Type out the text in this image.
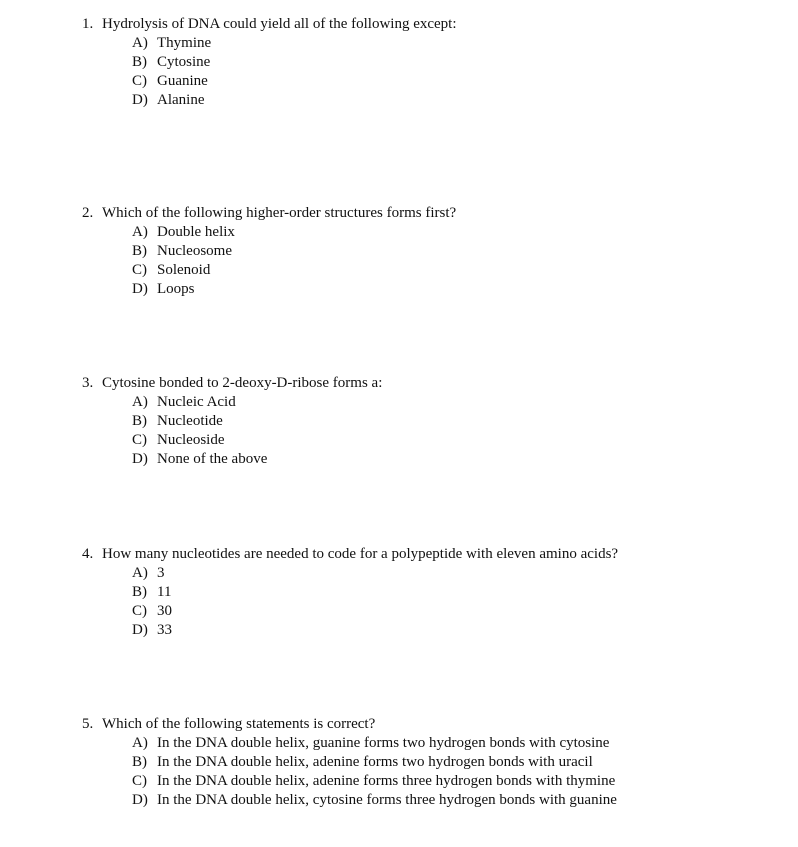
1. Hydrolysis of DNA could yield all of the following except:
A) Thymine
B) Cytosine
C) Guanine
D) Alanine
2. Which of the following higher-order structures forms first?
A) Double helix
B) Nucleosome
C) Solenoid
D) Loops
3. Cytosine bonded to 2-deoxy-D-ribose forms a:
A) Nucleic Acid
B) Nucleotide
C) Nucleoside
D) None of the above
4. How many nucleotides are needed to code for a polypeptide with eleven amino acids?
A) 3
B) 11
C) 30
D) 33
5. Which of the following statements is correct?
A) In the DNA double helix, guanine forms two hydrogen bonds with cytosine
B) In the DNA double helix, adenine forms two hydrogen bonds with uracil
C) In the DNA double helix, adenine forms three hydrogen bonds with thymine
D) In the DNA double helix, cytosine forms three hydrogen bonds with guanine
